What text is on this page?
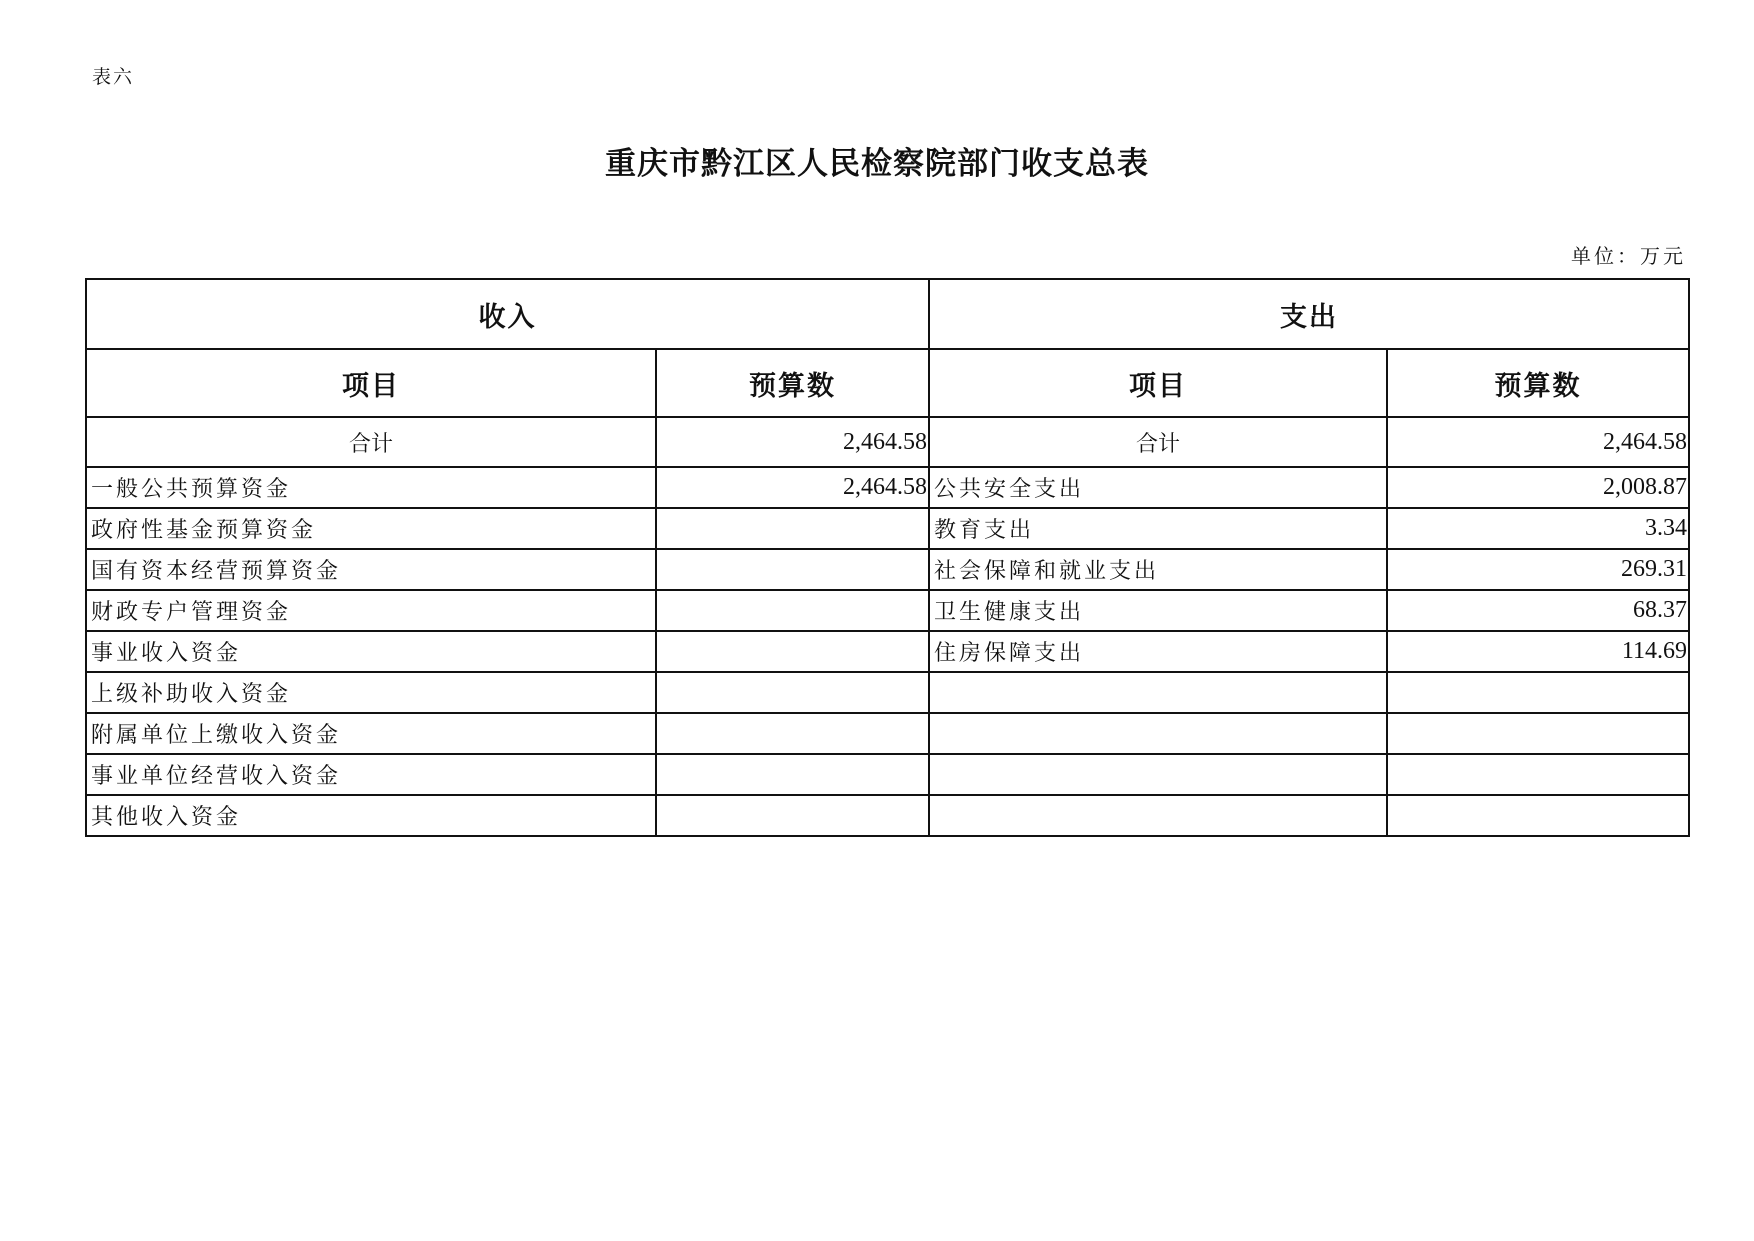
表六
重庆市黔江区人民检察院部门收支总表
单位：万元
收入		支出	
项目	预算数	项目	预算数
合计	2,464.58	合计	2,464.58
一般公共预算资金	2,464.58	公共安全支出	2,008.87
政府性基金预算资金		教育支出	3.34
国有资本经营预算资金		社会保障和就业支出	269.31
财政专户管理资金		卫生健康支出	68.37
事业收入资金		住房保障支出	114.69
上级补助收入资金			
附属单位上缴收入资金			
事业单位经营收入资金			
其他收入资金			
